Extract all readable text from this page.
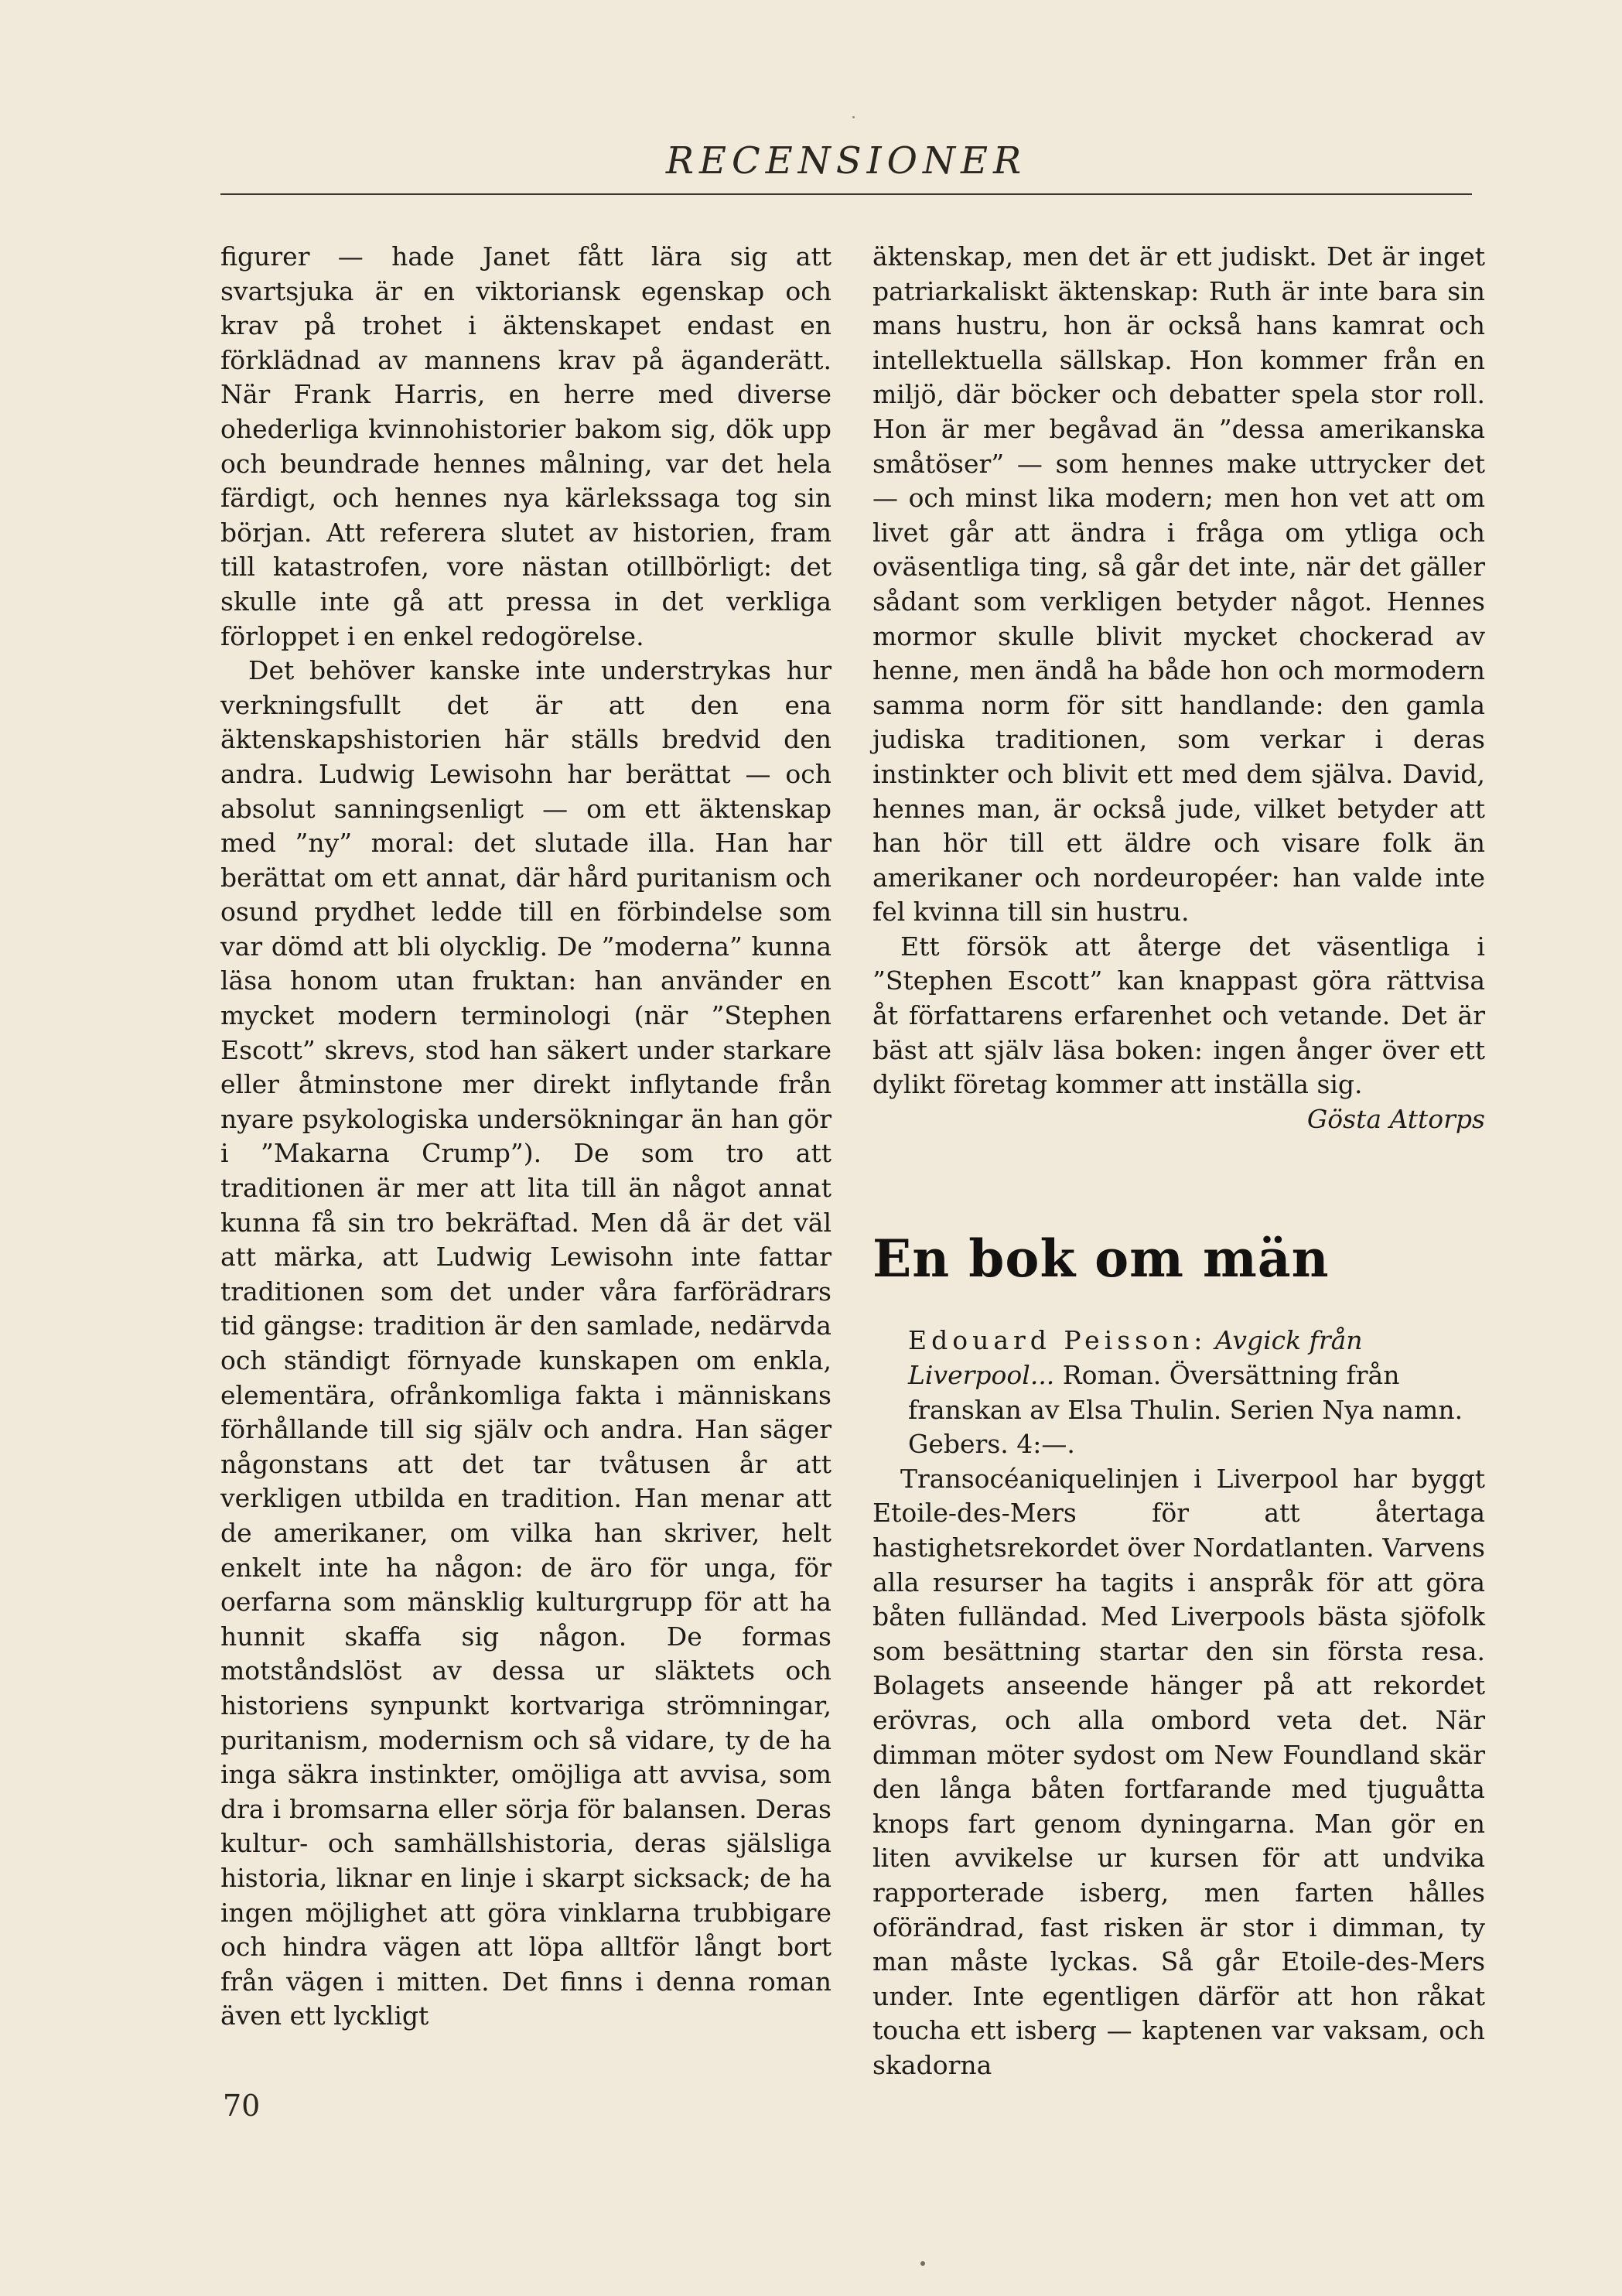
RECENSIONER

figurer — hade Janet fått lära sig att svartsjuka är en viktoriansk egenskap och krav på trohet i äktenskapet endast en förklädnad av mannens krav på äganderätt. När Frank Harris, en herre med diverse ohederliga kvinnohistorier bakom sig, dök upp och beundrade hennes målning, var det hela färdigt, och hennes nya kärlekssaga tog sin början. Att referera slutet av historien, fram till katastrofen, vore nästan otillbörligt: det skulle inte gå att pressa in det verkliga förloppet i en enkel redogörelse.

Det behöver kanske inte understrykas hur verkningsfullt det är att den ena äktenskapshistorien här ställs bredvid den andra. Ludwig Lewisohn har berättat — och absolut sanningsenligt — om ett äktenskap med ”ny” moral: det slutade illa. Han har berättat om ett annat, där hård puritanism och osund prydhet ledde till en förbindelse som var dömd att bli olycklig. De ”moderna” kunna läsa honom utan fruktan: han använder en mycket modern terminologi (när ”Stephen Escott” skrevs, stod han säkert under starkare eller åtminstone mer direkt inflytande från nyare psykologiska undersökningar än han gör i ”Makarna Crump”). De som tro att traditionen är mer att lita till än något annat kunna få sin tro bekräftad. Men då är det väl att märka, att Ludwig Lewisohn inte fattar traditionen som det under våra farförädrars tid gängse: tradition är den samlade, nedärvda och ständigt förnyade kunskapen om enkla, elementära, ofrånkomliga fakta i människans förhållande till sig själv och andra. Han säger någonstans att det tar tvåtusen år att verkligen utbilda en tradition. Han menar att de amerikaner, om vilka han skriver, helt enkelt inte ha någon: de äro för unga, för oerfarna som mänsklig kulturgrupp för att ha hunnit skaffa sig någon. De formas motståndslöst av dessa ur släktets och historiens synpunkt kortvariga strömningar, puritanism, modernism och så vidare, ty de ha inga säkra instinkter, omöjliga att avvisa, som dra i bromsarna eller sörja för balansen. Deras kultur- och samhällshistoria, deras själsliga historia, liknar en linje i skarpt sicksack; de ha ingen möjlighet att göra vinklarna trubbigare och hindra vägen att löpa alltför långt bort från vägen i mitten. Det finns i denna roman även ett lyckligt

äktenskap, men det är ett judiskt. Det är inget patriarkaliskt äktenskap: Ruth är inte bara sin mans hustru, hon är också hans kamrat och intellektuella sällskap. Hon kommer från en miljö, där böcker och debatter spela stor roll. Hon är mer begåvad än ”dessa amerikanska småtöser” — som hennes make uttrycker det — och minst lika modern; men hon vet att om livet går att ändra i fråga om ytliga och oväsentliga ting, så går det inte, när det gäller sådant som verkligen betyder något. Hennes mormor skulle blivit mycket chockerad av henne, men ändå ha både hon och mormodern samma norm för sitt handlande: den gamla judiska traditionen, som verkar i deras instinkter och blivit ett med dem själva. David, hennes man, är också jude, vilket betyder att han hör till ett äldre och visare folk än amerikaner och nordeuropéer: han valde inte fel kvinna till sin hustru.

Ett försök att återge det väsentliga i ”Stephen Escott” kan knappast göra rättvisa åt författarens erfarenhet och vetande. Det är bäst att själv läsa boken: ingen ånger över ett dylikt företag kommer att inställa sig.

Gösta Attorps

En bok om män

Edouard Peisson: Avgick från Liverpool... Roman. Översättning från franskan av Elsa Thulin. Serien Nya namn. Gebers. 4:—.

Transocéaniquelinjen i Liverpool har byggt Etoile-des-Mers för att återtaga hastighetsrekordet över Nordatlanten. Varvens alla resurser ha tagits i anspråk för att göra båten fulländad. Med Liverpools bästa sjöfolk som besättning startar den sin första resa. Bolagets anseende hänger på att rekordet erövras, och alla ombord veta det. När dimman möter sydost om New Foundland skär den långa båten fortfarande med tjuguåtta knops fart genom dyningarna. Man gör en liten avvikelse ur kursen för att undvika rapporterade isberg, men farten hålles oförändrad, fast risken är stor i dimman, ty man måste lyckas. Så går Etoile-des-Mers under. Inte egentligen därför att hon råkat toucha ett isberg — kaptenen var vaksam, och skadorna

70
